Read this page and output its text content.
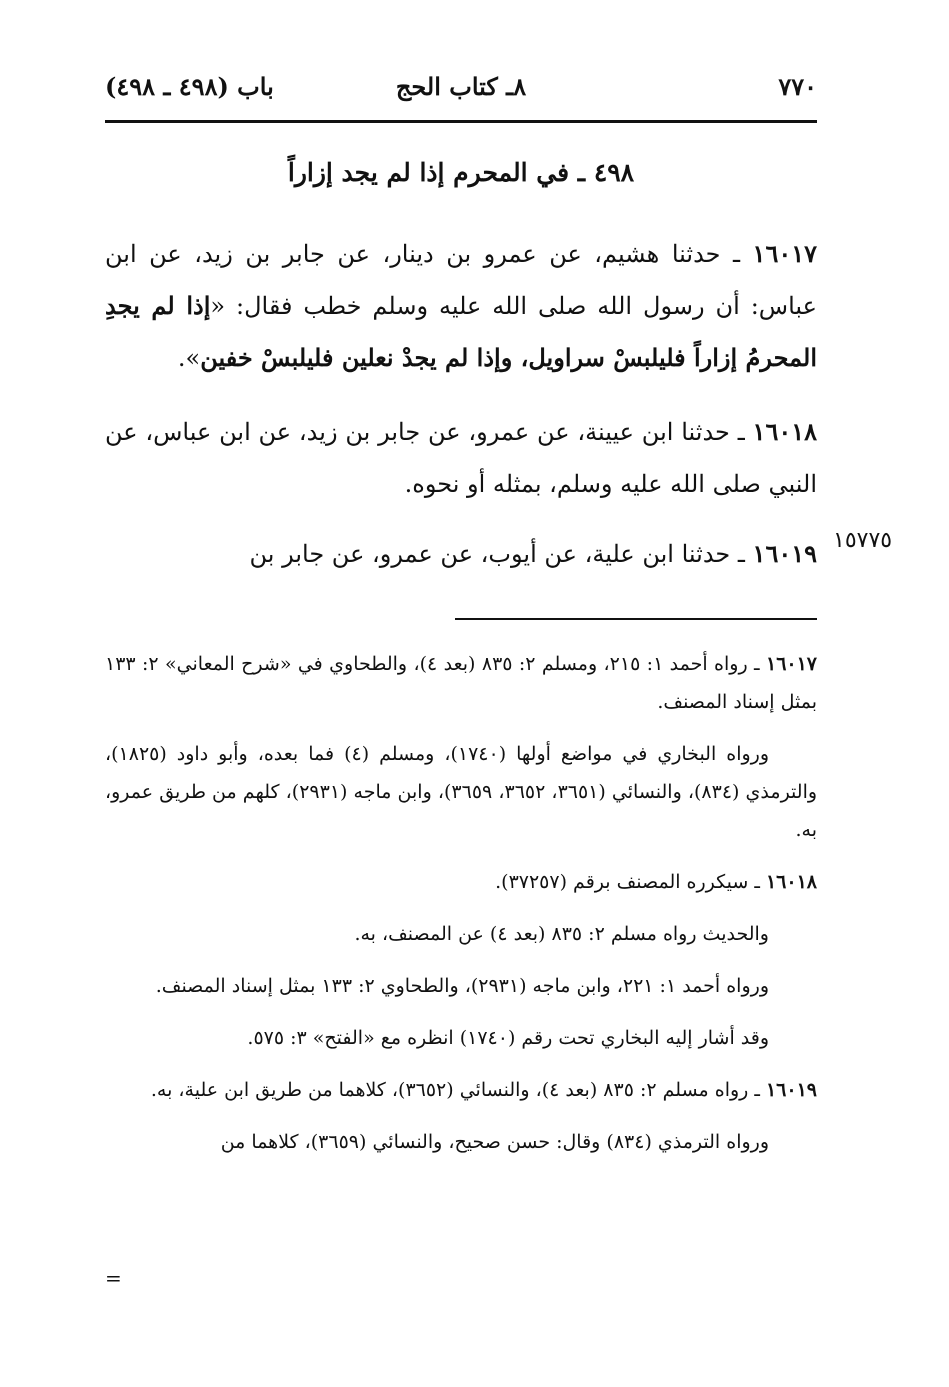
٧٧٠
٨ـ كتاب الحج
باب (٤٩٨ ـ ٤٩٨)
٤٩٨ ـ في المحرم إذا لم يجد إزاراً
١٦٠١٧ ـ حدثنا هشيم، عن عمرو بن دينار، عن جابر بن زيد، عن ابن عباس: أن رسول الله صلى الله عليه وسلم خطب فقال: «إذا لم يجدِ المحرمُ إزاراً فليلبسْ سراويل، وإذا لم يجدْ نعلين فليلبسْ خفين».
١٦٠١٨ ـ حدثنا ابن عيينة، عن عمرو، عن جابر بن زيد، عن ابن عباس، عن النبي صلى الله عليه وسلم، بمثله أو نحوه.
١٦٠١٩ ـ حدثنا ابن علية، عن أيوب، عن عمرو، عن جابر بن	١٥٧٧٥

١٦٠١٧ ـ رواه أحمد ١: ٢١٥، ومسلم ٢: ٨٣٥ (بعد ٤)، والطحاوي في «شرح المعاني» ٢: ١٣٣ بمثل إسناد المصنف.

ورواه البخاري في مواضع أولها (١٧٤٠)، ومسلم (٤) فما بعده، وأبو داود (١٨٢٥)، والترمذي (٨٣٤)، والنسائي (٣٦٥١، ٣٦٥٢، ٣٦٥٩)، وابن ماجه (٢٩٣١)، كلهم من طريق عمرو، به.

١٦٠١٨ ـ سيكرره المصنف برقم (٣٧٢٥٧).

والحديث رواه مسلم ٢: ٨٣٥ (بعد ٤) عن المصنف، به.

ورواه أحمد ١: ٢٢١، وابن ماجه (٢٩٣١)، والطحاوي ٢: ١٣٣ بمثل إسناد المصنف.

وقد أشار إليه البخاري تحت رقم (١٧٤٠) انظره مع «الفتح» ٣: ٥٧٥.

١٦٠١٩ ـ رواه مسلم ٢: ٨٣٥ (بعد ٤)، والنسائي (٣٦٥٢)، كلاهما من طريق ابن علية، به.

ورواه الترمذي (٨٣٤) وقال: حسن صحيح، والنسائي (٣٦٥٩)، كلاهما من

=
